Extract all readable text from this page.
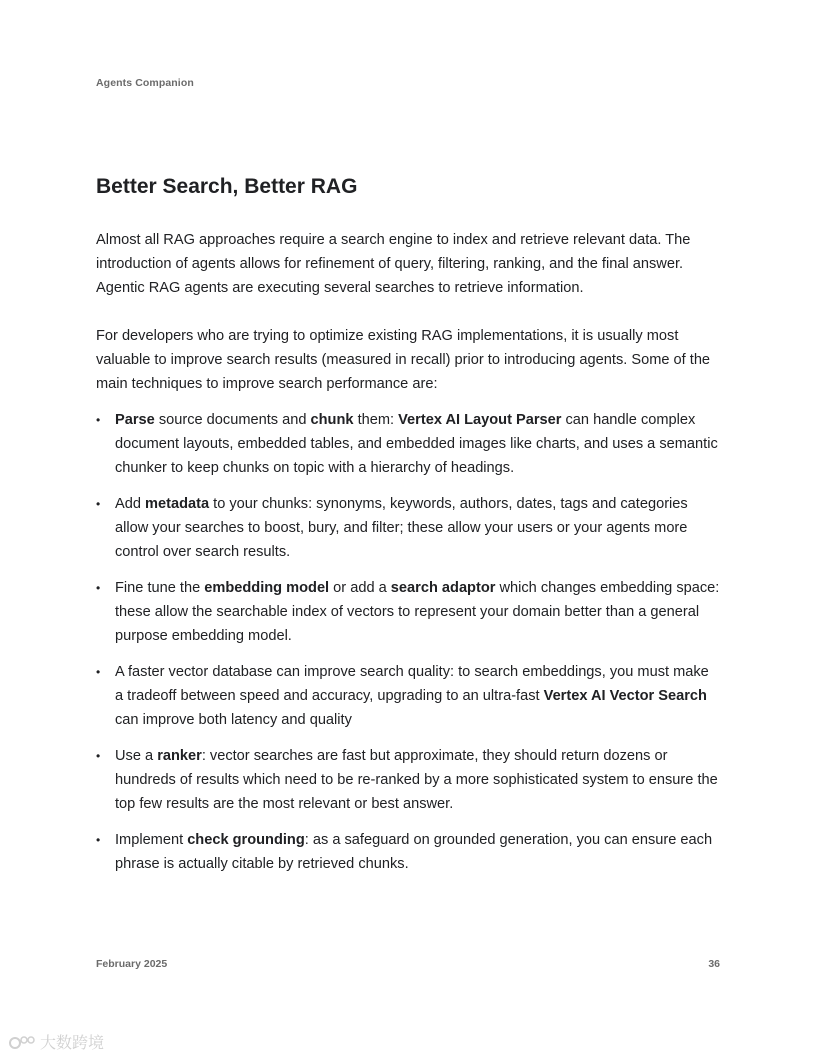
Agents Companion
Better Search, Better RAG

Almost all RAG approaches require a search engine to index and retrieve relevant data. The introduction of agents allows for refinement of query, filtering, ranking, and the final answer. Agentic RAG agents are executing several searches to retrieve information.

For developers who are trying to optimize existing RAG implementations, it is usually most valuable to improve search results (measured in recall) prior to introducing agents. Some of the main techniques to improve search performance are:

• Parse source documents and chunk them: Vertex AI Layout Parser can handle complex document layouts, embedded tables, and embedded images like charts, and uses a semantic chunker to keep chunks on topic with a hierarchy of headings.
• Add metadata to your chunks: synonyms, keywords, authors, dates, tags and categories allow your searches to boost, bury, and filter; these allow your users or your agents more control over search results.
• Fine tune the embedding model or add a search adaptor which changes embedding space: these allow the searchable index of vectors to represent your domain better than a general purpose embedding model.
• A faster vector database can improve search quality: to search embeddings, you must make a tradeoff between speed and accuracy, upgrading to an ultra-fast Vertex AI Vector Search can improve both latency and quality
• Use a ranker: vector searches are fast but approximate, they should return dozens or hundreds of results which need to be re-ranked by a more sophisticated system to ensure the top few results are the most relevant or best answer.
• Implement check grounding: as a safeguard on grounded generation, you can ensure each phrase is actually citable by retrieved chunks.
February 2025	36
大数跨境
